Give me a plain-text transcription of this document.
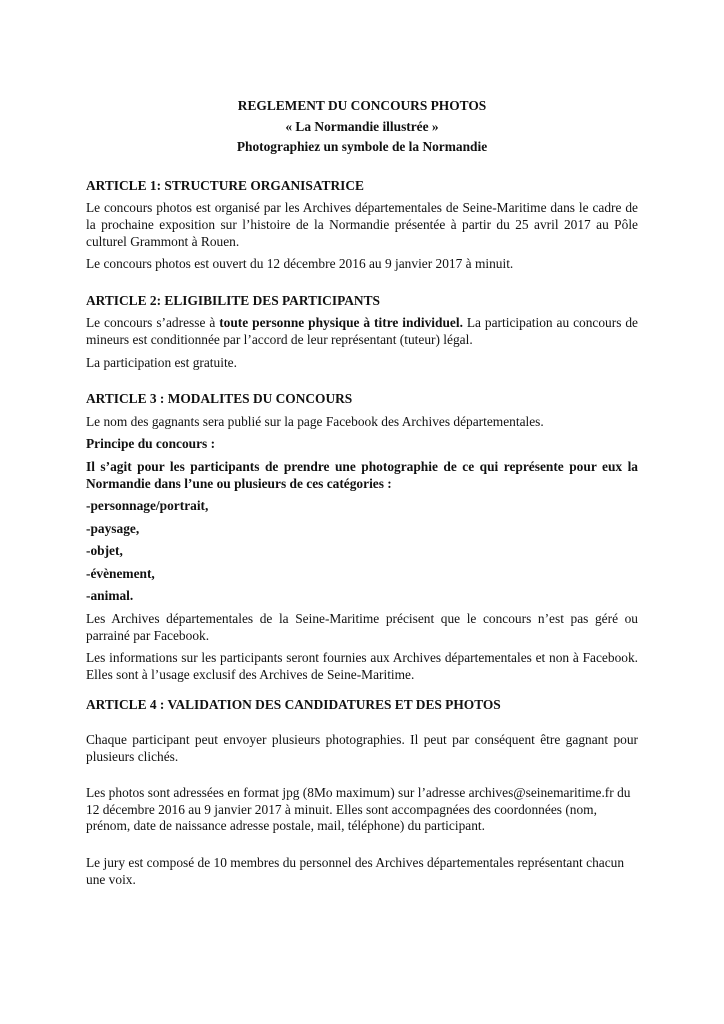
REGLEMENT DU CONCOURS PHOTOS
« La Normandie illustrée »
Photographiez un symbole de la Normandie
ARTICLE 1: STRUCTURE ORGANISATRICE

Le concours photos est organisé par les Archives départementales de Seine-Maritime dans le cadre de la prochaine exposition sur l’histoire de la Normandie présentée à partir du 25 avril 2017 au Pôle culturel Grammont à Rouen.

Le concours photos est ouvert du 12 décembre 2016 au 9 janvier 2017 à minuit.

ARTICLE 2: ELIGIBILITE DES PARTICIPANTS

Le concours s’adresse à toute personne physique à titre individuel. La participation au concours de mineurs est conditionnée par l’accord de leur représentant (tuteur) légal.

La participation est gratuite.

ARTICLE 3 : MODALITES DU CONCOURS

Le nom des gagnants sera publié sur la page Facebook des Archives départementales.

Principe du concours :

Il s’agit pour les participants de prendre une photographie de ce qui représente pour eux la Normandie dans l’une ou plusieurs de ces catégories :

-personnage/portrait,

-paysage,

-objet,

-évènement,

-animal.

Les Archives départementales de la Seine-Maritime précisent que le concours n’est pas géré ou parrainé par Facebook.

Les informations sur les participants seront fournies aux Archives départementales et non à Facebook. Elles sont à l’usage exclusif des Archives de Seine-Maritime.

ARTICLE 4 : VALIDATION DES CANDIDATURES ET DES PHOTOS

Chaque participant peut envoyer plusieurs photographies. Il peut par conséquent être gagnant pour plusieurs clichés.

Les photos sont adressées en format jpg (8Mo maximum) sur l’adresse archives@seinemaritime.fr du 12 décembre 2016 au 9 janvier 2017 à minuit. Elles sont accompagnées des coordonnées (nom, prénom, date de naissance adresse postale, mail, téléphone) du participant.

Le jury est composé de 10 membres du personnel des Archives départementales représentant chacun une voix.
